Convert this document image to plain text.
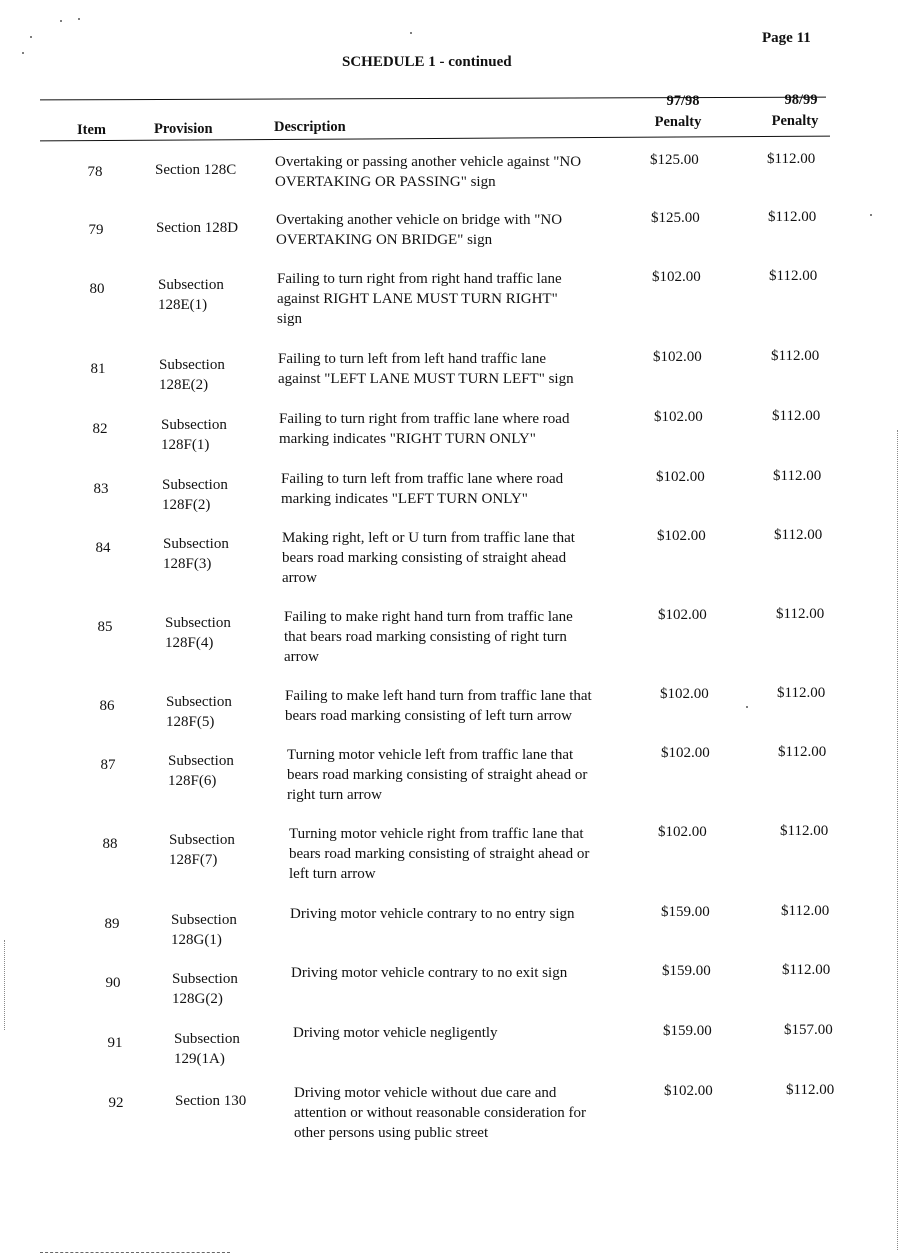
Page 11
SCHEDULE 1 - continued
Item	Provision	Description
97/98
Penalty
98/99
Penalty
78	Section 128C	Overtaking or passing another vehicle against "NO
OVERTAKING OR PASSING" sign
$125.00	$112.00
79	Section 128D	Overtaking another vehicle on bridge with "NO
OVERTAKING ON BRIDGE" sign
$125.00	$112.00
80	Subsection
128E(1)
Failing to turn right from right hand traffic lane
against RIGHT LANE MUST TURN RIGHT"
sign
$102.00	$112.00
81	Subsection
128E(2)
Failing to turn left from left hand traffic lane
against "LEFT LANE MUST TURN LEFT" sign
$102.00	$112.00
82	Subsection
128F(1)
Failing to turn right from traffic lane where road
marking indicates "RIGHT TURN ONLY"
$102.00	$112.00
83	Subsection
128F(2)
Failing to turn left from traffic lane where road
marking indicates "LEFT TURN ONLY"
$102.00	$112.00
84	Subsection
128F(3)
Making right, left or U turn from traffic lane that
bears road marking consisting of straight ahead
arrow
$102.00	$112.00
85	Subsection
128F(4)
Failing to make right hand turn from traffic lane
that bears road marking consisting of right turn
arrow
$102.00	$112.00
86	Subsection
128F(5)
Failing to make left hand turn from traffic lane that
bears road marking consisting of left turn arrow
$102.00	$112.00
87	Subsection
128F(6)
Turning motor vehicle left from traffic lane that
bears road marking consisting of straight ahead or
right turn arrow
$102.00	$112.00
88	Subsection
128F(7)
Turning motor vehicle right from traffic lane that
bears road marking consisting of straight ahead or
left turn arrow
$102.00	$112.00
89	Subsection
128G(1)
Driving motor vehicle contrary to no entry sign	$159.00	$112.00
90	Subsection
128G(2)
Driving motor vehicle contrary to no exit sign	$159.00	$112.00
91	Subsection
129(1A)
Driving motor vehicle negligently	$159.00	$157.00
92	Section 130	Driving motor vehicle without due care and
attention or without reasonable consideration for
other persons using public street
$102.00	$112.00
